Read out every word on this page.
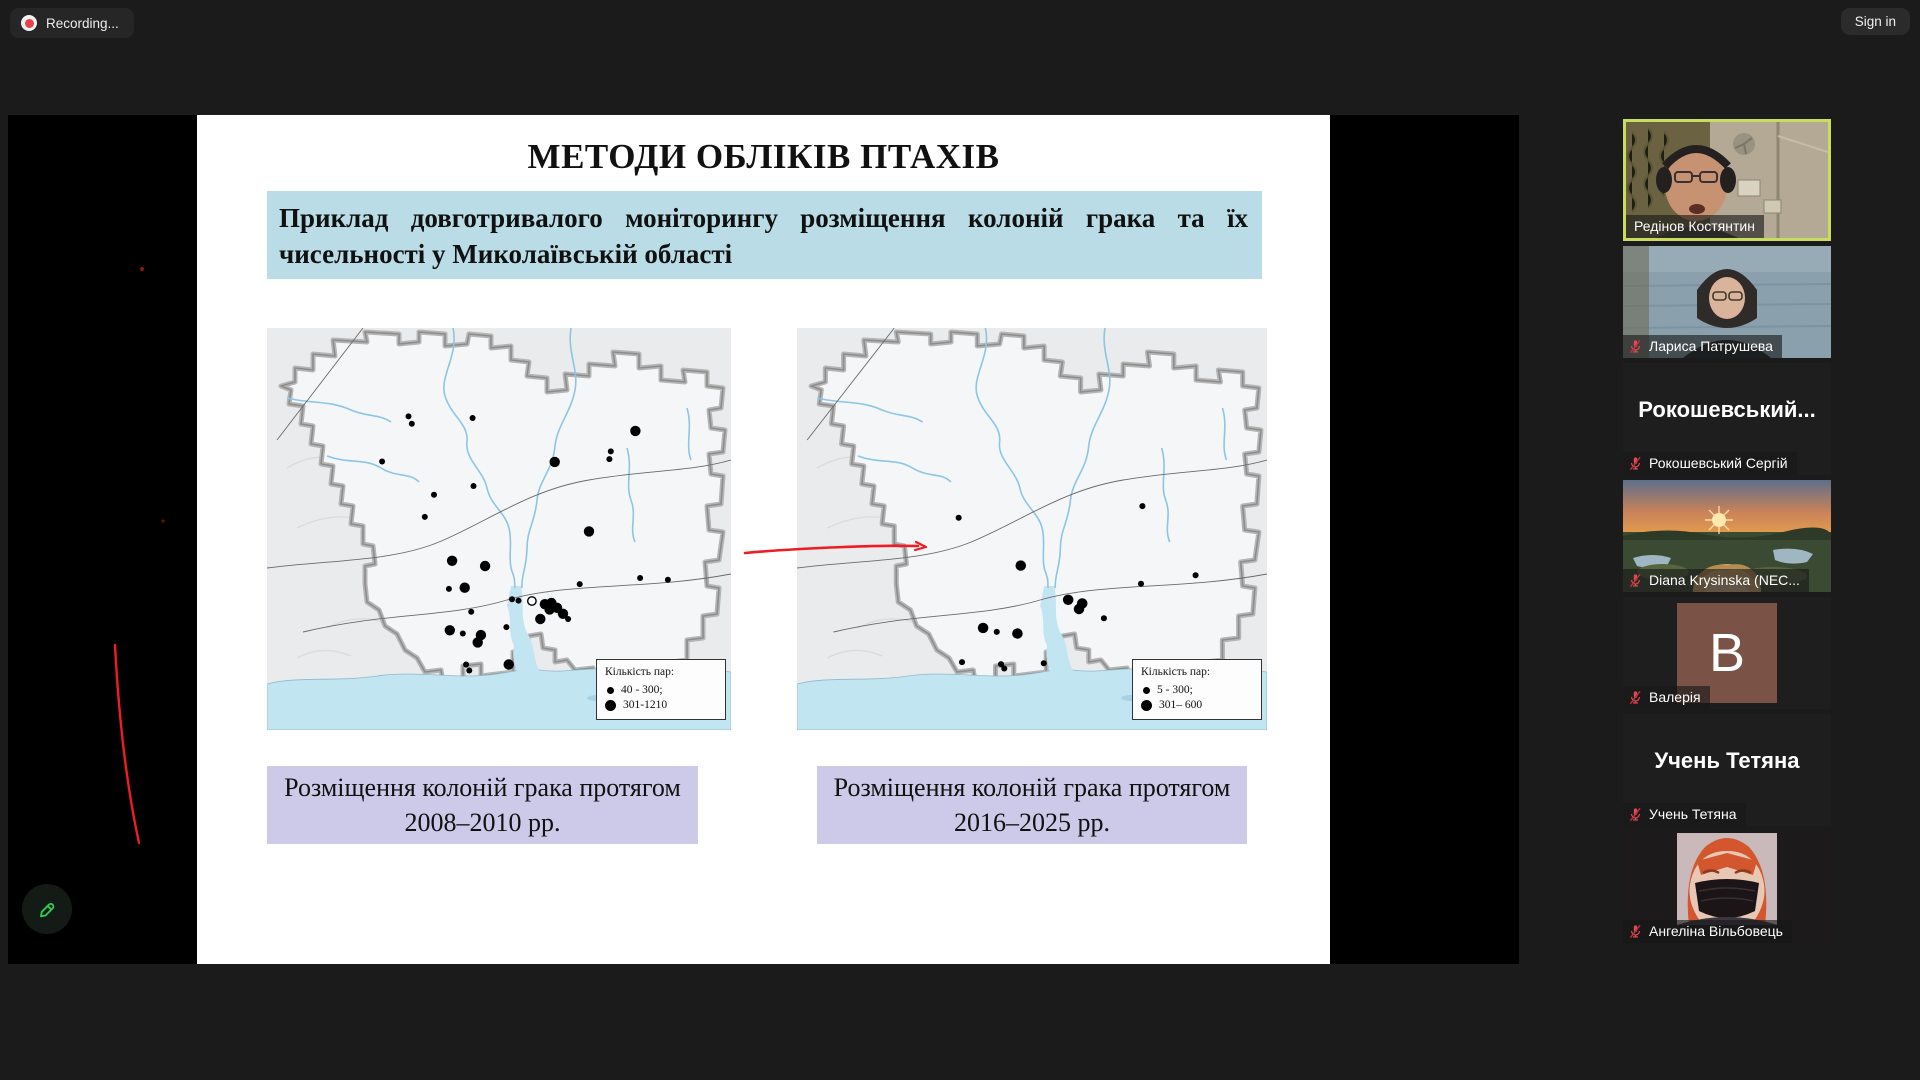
Recording...	Sign in
МЕТОДИ ОБЛІКІВ ПТАХІВ
Приклад довготривалого моніторингу розміщення колоній грака та їх чисельності у Миколаївській області
Кількість пар:
40 - 300;
301-1210
Кількість пар:
5 - 300;
301– 600
Розміщення колоній грака протягом 2008–2010 рр.
Розміщення колоній грака протягом 2016–2025 рр.
Редінов Костянтин
Лариса Патрушева
Рокошевський...
Рокошевський Сергій
Diana Krysinska (NEC...
B
Валерія
Учень Тетяна
Учень Тетяна
Ангеліна Вільбовець
